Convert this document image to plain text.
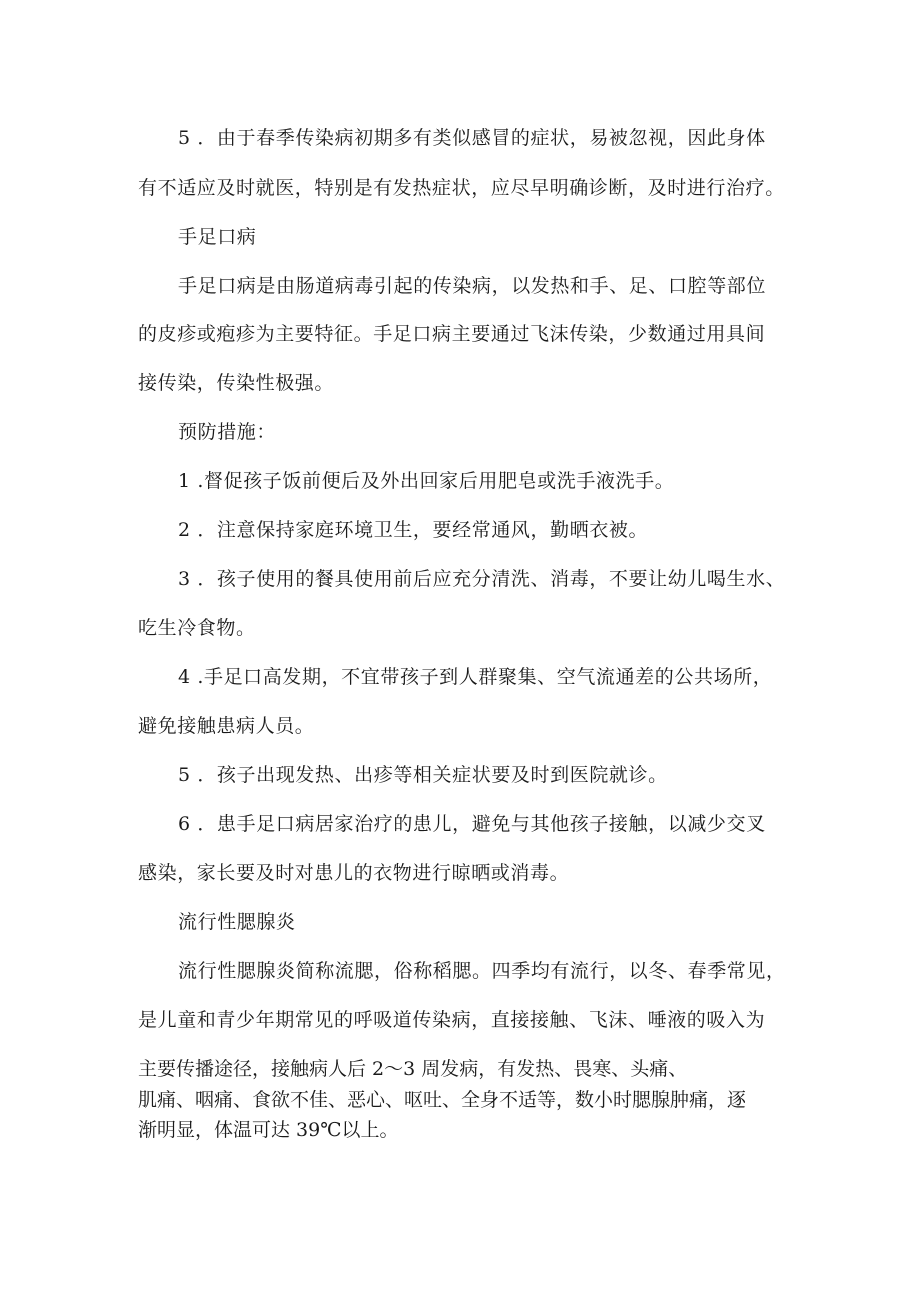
5 ．由于春季传染病初期多有类似感冒的症状，易被忽视，因此身体
有不适应及时就医，特别是有发热症状，应尽早明确诊断，及时进行治疗。
手足口病
手足口病是由肠道病毒引起的传染病，以发热和手、足、口腔等部位
的皮疹或疱疹为主要特征。手足口病主要通过飞沫传染，少数通过用具间
接传染，传染性极强。
预防措施：
1 .督促孩子饭前便后及外出回家后用肥皂或洗手液洗手。
2 ．注意保持家庭环境卫生，要经常通风，勤晒衣被。
3 ．孩子使用的餐具使用前后应充分清洗、消毒，不要让幼儿喝生水、
吃生冷食物。
4 .手足口高发期，不宜带孩子到人群聚集、空气流通差的公共场所，
避免接触患病人员。
5 ．孩子出现发热、出疹等相关症状要及时到医院就诊。
6 ．患手足口病居家治疗的患儿，避免与其他孩子接触，以减少交叉
感染，家长要及时对患儿的衣物进行晾晒或消毒。
流行性腮腺炎
流行性腮腺炎简称流腮，俗称稻腮。四季均有流行，以冬、春季常见，
是儿童和青少年期常见的呼吸道传染病，直接接触、飞沫、唾液的吸入为
主要传播途径，接触病人后 2～3 周发病，有发热、畏寒、头痛、
肌痛、咽痛、食欲不佳、恶心、呕吐、全身不适等，数小时腮腺肿痛，逐
渐明显，体温可达 39℃以上。
